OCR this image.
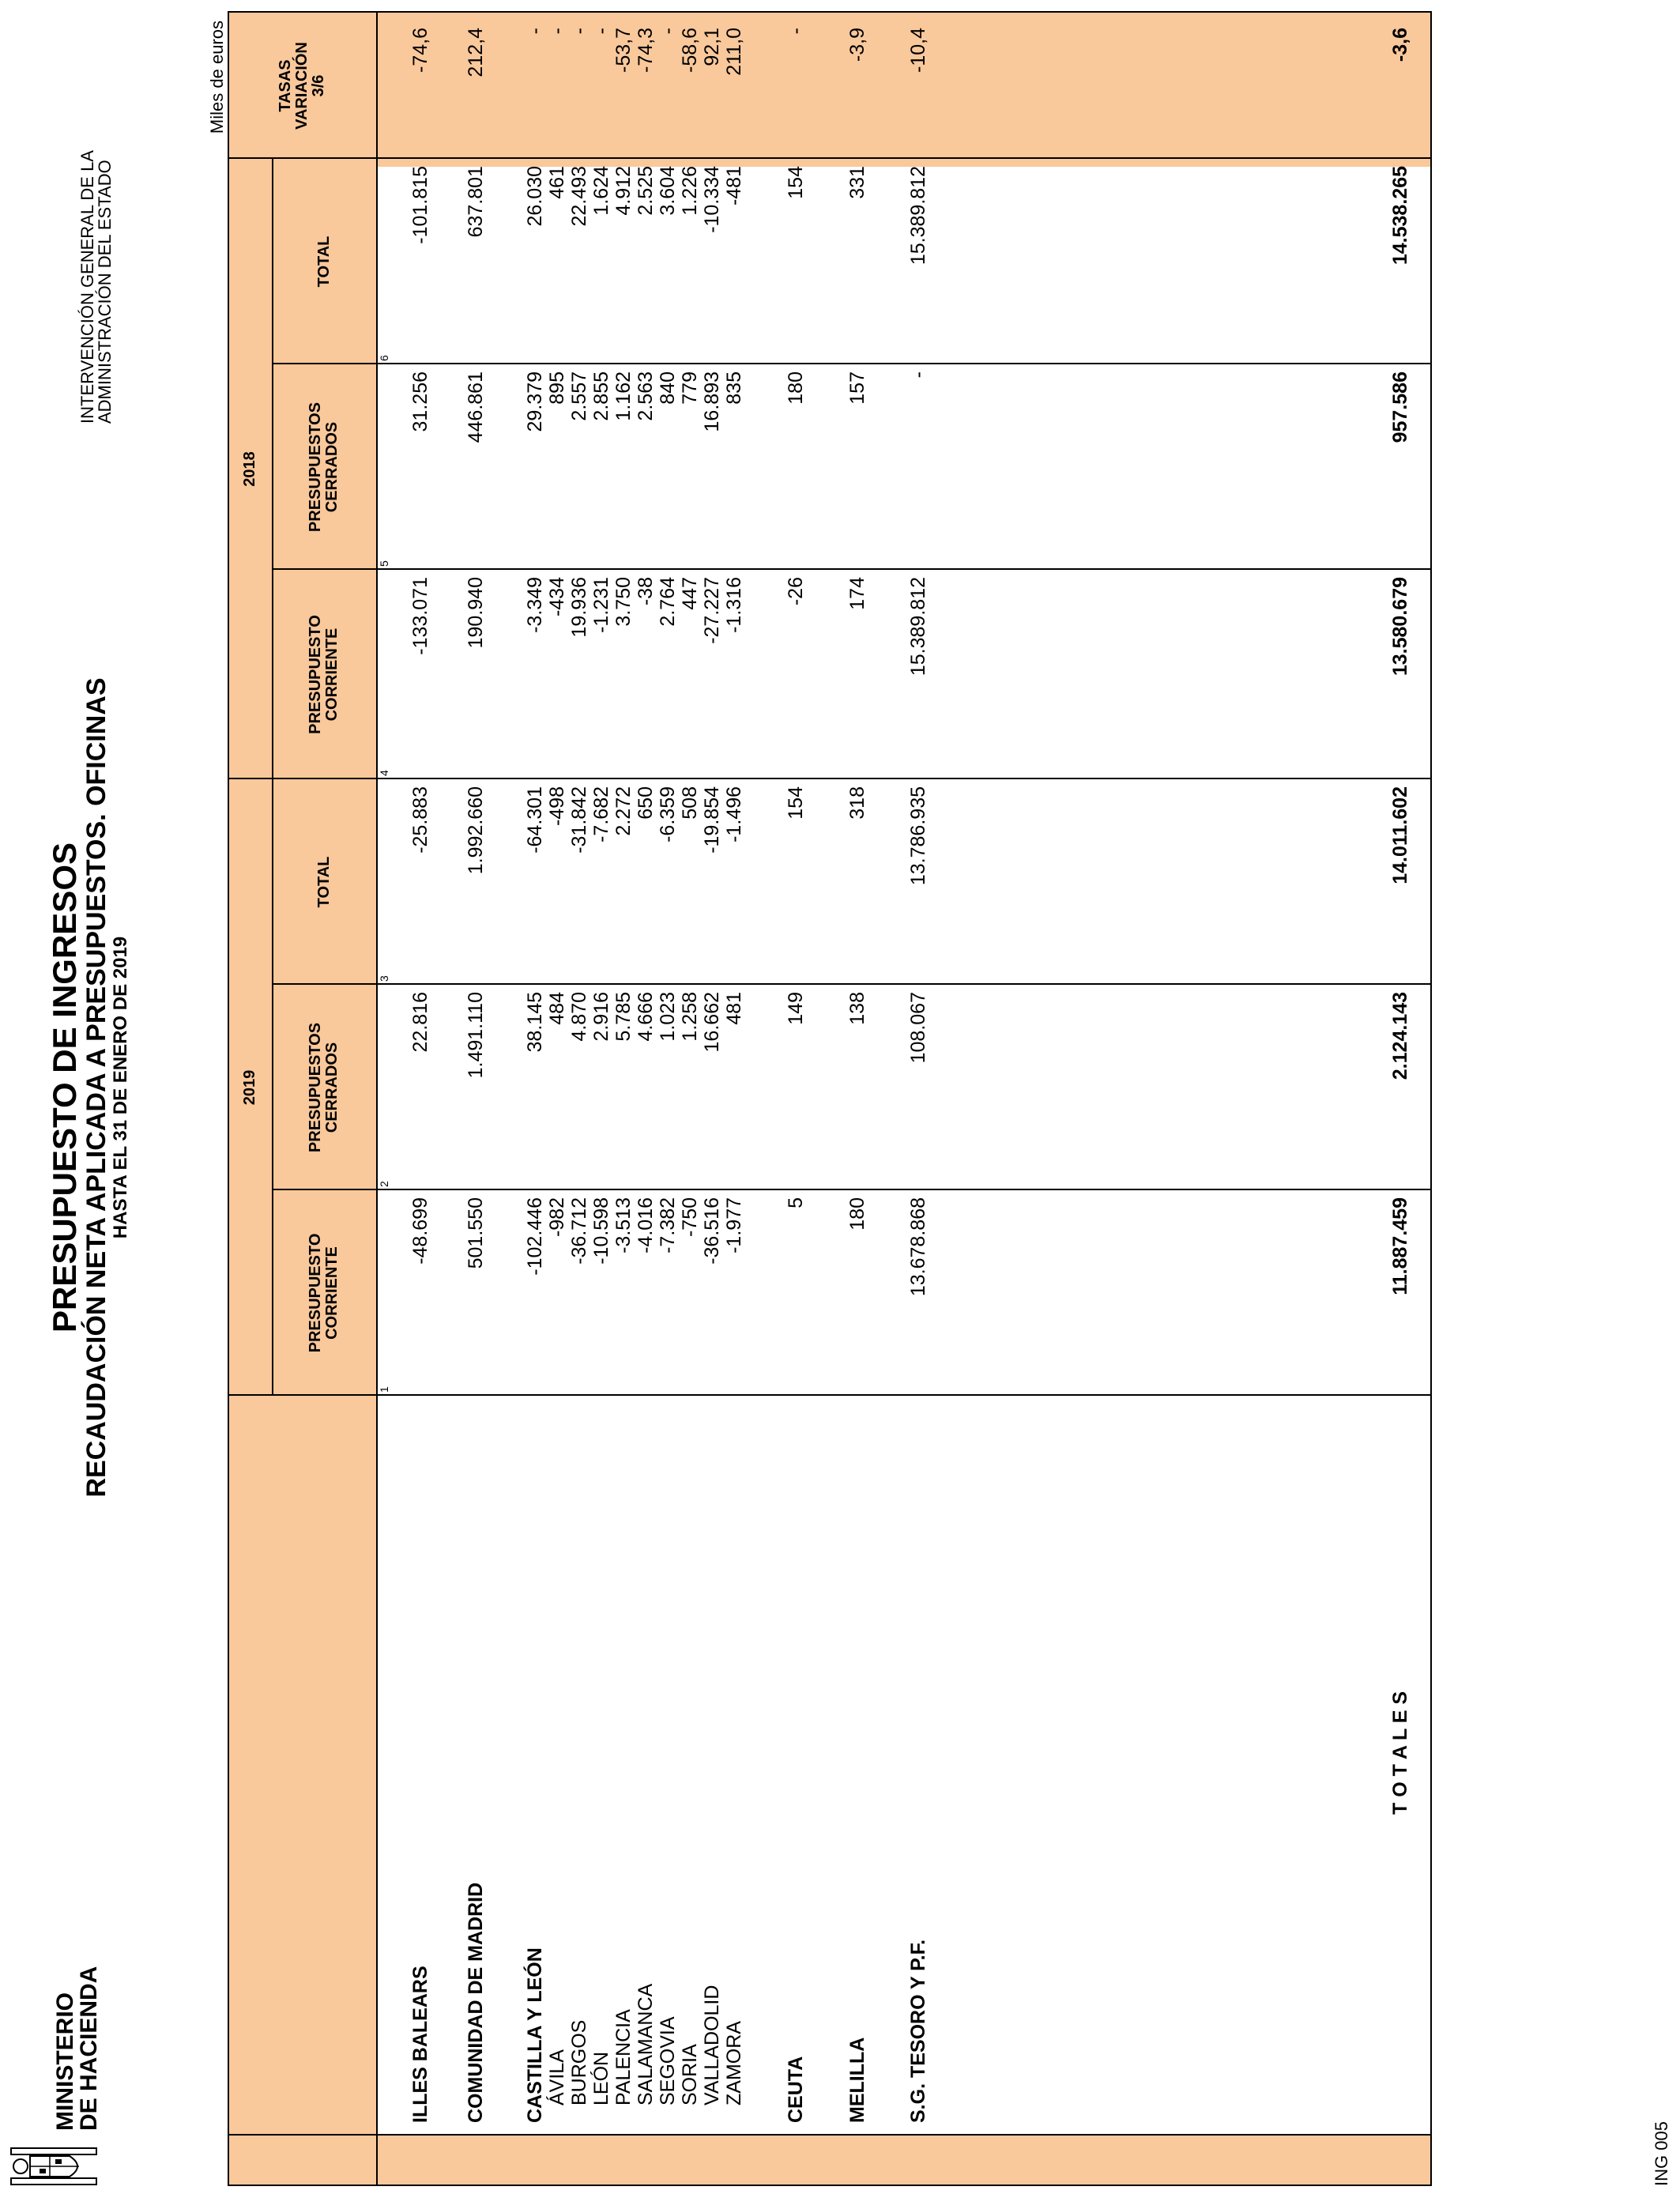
MINISTERIO
DE HACIENDA
PRESUPUESTO DE INGRESOS
RECAUDACIÓN NETA APLICADA A PRESUPUESTOS. OFICINAS
HASTA EL 31 DE ENERO DE 2019
INTERVENCIÓN GENERAL DE LA
ADMINISTRACIÓN DEL ESTADO
Miles de euros
ING 005
2019
2018
PRESUPUESTO CORRIENTE
1
PRESUPUESTOS CERRADOS
2
TOTAL
3
PRESUPUESTO CORRIENTE
4
PRESUPUESTOS CERRADOS
5
TOTAL
6
TASAS VARIACIÓN 3/6
ILLES BALEARS
-48.699
22.816
-25.883
-133.071
31.256
-101.815
-74,6
COMUNIDAD DE MADRID
501.550
1.491.110
1.992.660
190.940
446.861
637.801
212,4
CASTILLA Y LEÓN
-102.446
38.145
-64.301
-3.349
29.379
26.030
-
ÁVILA
-982
484
-498
-434
895
461
-
BURGOS
-36.712
4.870
-31.842
19.936
2.557
22.493
-
LEÓN
-10.598
2.916
-7.682
-1.231
2.855
1.624
-
PALENCIA
-3.513
5.785
2.272
3.750
1.162
4.912
-53,7
SALAMANCA
-4.016
4.666
650
-38
2.563
2.525
-74,3
SEGOVIA
-7.382
1.023
-6.359
2.764
840
3.604
-
SORIA
-750
1.258
508
447
779
1.226
-58,6
VALLADOLID
-36.516
16.662
-19.854
-27.227
16.893
-10.334
92,1
ZAMORA
-1.977
481
-1.496
-1.316
835
-481
211,0
CEUTA
5
149
154
-26
180
154
-
MELILLA
180
138
318
174
157
331
-3,9
S.G. TESORO Y P.F.
13.678.868
108.067
13.786.935
15.389.812
-
15.389.812
-10,4
T O T A L E S
11.887.459
2.124.143
14.011.602
13.580.679
957.586
14.538.265
-3,6
